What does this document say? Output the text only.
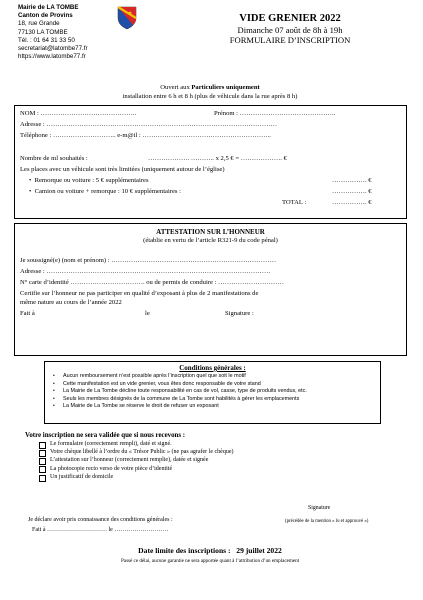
Mairie de LA TOMBE
Canton de Provins
18, rue Grande
77130 LA TOMBE
Tél. : 01 64 31 33 50
secretariat@latombe77.fr
https://www.latombe77.fr
VIDE GRENIER 2022
Dimanche 07 août de 8h à 19h
FORMULAIRE D’INSCRIPTION
Ouvert aux Particuliers uniquement
installation entre 6 h et 8 h (plus de véhicule dans la rue après 8 h)
NOM : ……………………………………..	Prénom : ……………………………………..
Adresse : ……………………………………………………………………………………………
Téléphone : ……………………….. e-m@il : …………………………………………………..
Nombre de ml souhaités :	………………. ……….. x 2,5 € = ………………. €
Les places avec un véhicule sont très limitées (uniquement autour de l’église)
• Remorque ou voiture : 5 € supplémentaires	……………. €
• Camion ou voiture + remorque : 10 € supplémentaires :	……………. €
TOTAL :	……………. €
ATTESTATION SUR L’HONNEUR
(établie en vertu de l’article R321-9 du code pénal)
Je soussigné(e) (nom et prénom) : …………………………………………………………………
Adresse : …………………………………………………………………………………………
N° carte d’identité ……………………………. ou de permis de conduire : …………………………
Certifie sur l’honneur ne pas participer en qualité d’exposant à plus de 2 manifestations de
même nature au cours de l’année 2022
Fait à	le	Signature :
Conditions générales :
• Aucun remboursement n’est possible après l’inscription quel que soit le motif
• Cette manifestation est un vide grenier, vous êtes donc responsable de votre stand
• La Mairie de La Tombe décline toute responsabilité en cas de vol, casse, type de produits vendus, etc.
• Seuls les membres désignés de la commune de La Tombe sont habilités à gérer les emplacements
• La Mairie de La Tombe se réserve le droit de refuser un exposant
Votre inscription ne sera validée que si nous recevons :
Le formulaire (correctement rempli), daté et signé.
Votre chèque libellé à l’ordre du « Trésor Public » (ne pas agrafer le chèque)
L’attestation sur l’honneur (correctement remplie), datée et signée
La photocopie recto verso de votre pièce d’identité
Un justificatif de domicile
Signature
Je déclare avoir pris connaissance des conditions générales :	(précédée de la mention « lu et approuvé »)
Fait à ………………………… le ………………………
Date limite des inscriptions : 29 juillet 2022
Passé ce délai, aucune garantie ne sera apportée quant à l’attribution d’un emplacement
